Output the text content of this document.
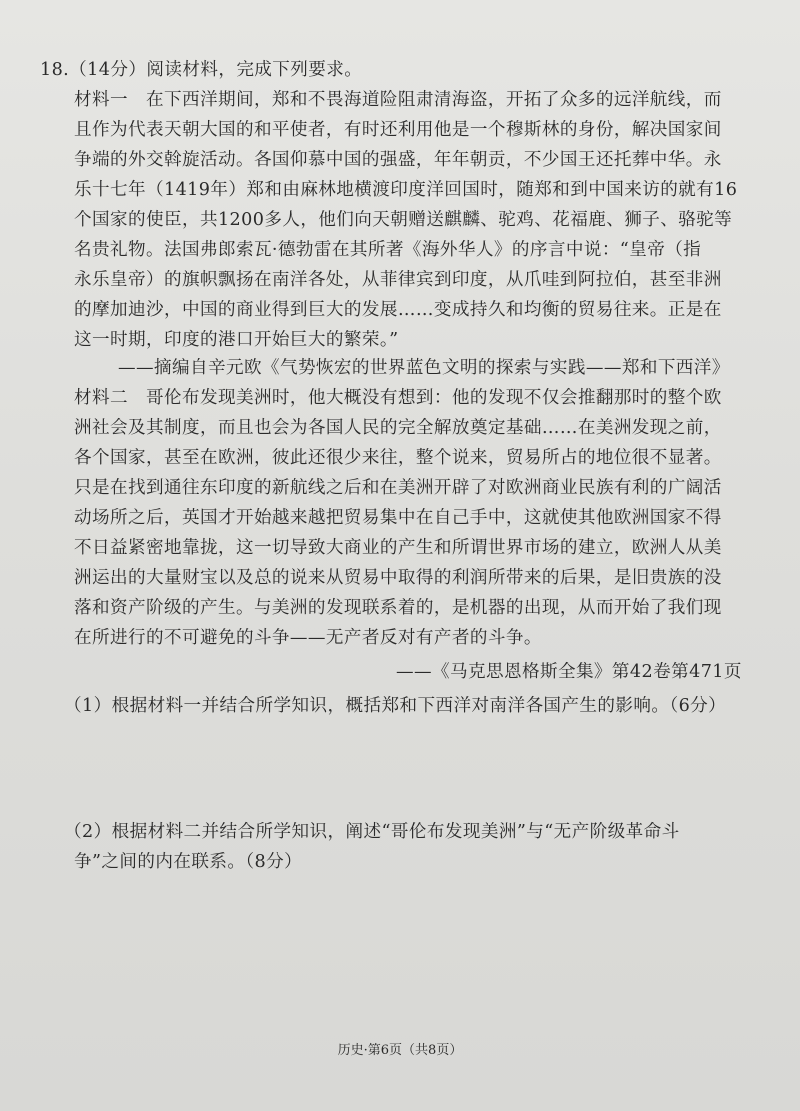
18.（14分）阅读材料，完成下列要求。
材料一　在下西洋期间，郑和不畏海道险阻肃清海盗，开拓了众多的远洋航线，而
且作为代表天朝大国的和平使者，有时还利用他是一个穆斯林的身份，解决国家间
争端的外交斡旋活动。各国仰慕中国的强盛，年年朝贡，不少国王还托葬中华。永
乐十七年（1419年）郑和由麻林地横渡印度洋回国时，随郑和到中国来访的就有16
个国家的使臣，共1200多人，他们向天朝赠送麒麟、驼鸡、花福鹿、狮子、骆驼等
名贵礼物。法国弗郎索瓦·德勃雷在其所著《海外华人》的序言中说：“皇帝（指
永乐皇帝）的旗帜飘扬在南洋各处，从菲律宾到印度，从爪哇到阿拉伯，甚至非洲
的摩加迪沙，中国的商业得到巨大的发展……变成持久和均衡的贸易往来。正是在
这一时期，印度的港口开始巨大的繁荣。”
——摘编自辛元欧《气势恢宏的世界蓝色文明的探索与实践——郑和下西洋》
材料二　哥伦布发现美洲时，他大概没有想到：他的发现不仅会推翻那时的整个欧
洲社会及其制度，而且也会为各国人民的完全解放奠定基础……在美洲发现之前，
各个国家，甚至在欧洲，彼此还很少来往，整个说来，贸易所占的地位很不显著。
只是在找到通往东印度的新航线之后和在美洲开辟了对欧洲商业民族有利的广阔活
动场所之后，英国才开始越来越把贸易集中在自己手中，这就使其他欧洲国家不得
不日益紧密地靠拢，这一切导致大商业的产生和所谓世界市场的建立，欧洲人从美
洲运出的大量财宝以及总的说来从贸易中取得的利润所带来的后果，是旧贵族的没
落和资产阶级的产生。与美洲的发现联系着的，是机器的出现，从而开始了我们现
在所进行的不可避免的斗争——无产者反对有产者的斗争。
——《马克思恩格斯全集》第42卷第471页
（1）根据材料一并结合所学知识，概括郑和下西洋对南洋各国产生的影响。（6分）
（2）根据材料二并结合所学知识，阐述“哥伦布发现美洲”与“无产阶级革命斗
争”之间的内在联系。（8分）
历史·第6页（共8页）
